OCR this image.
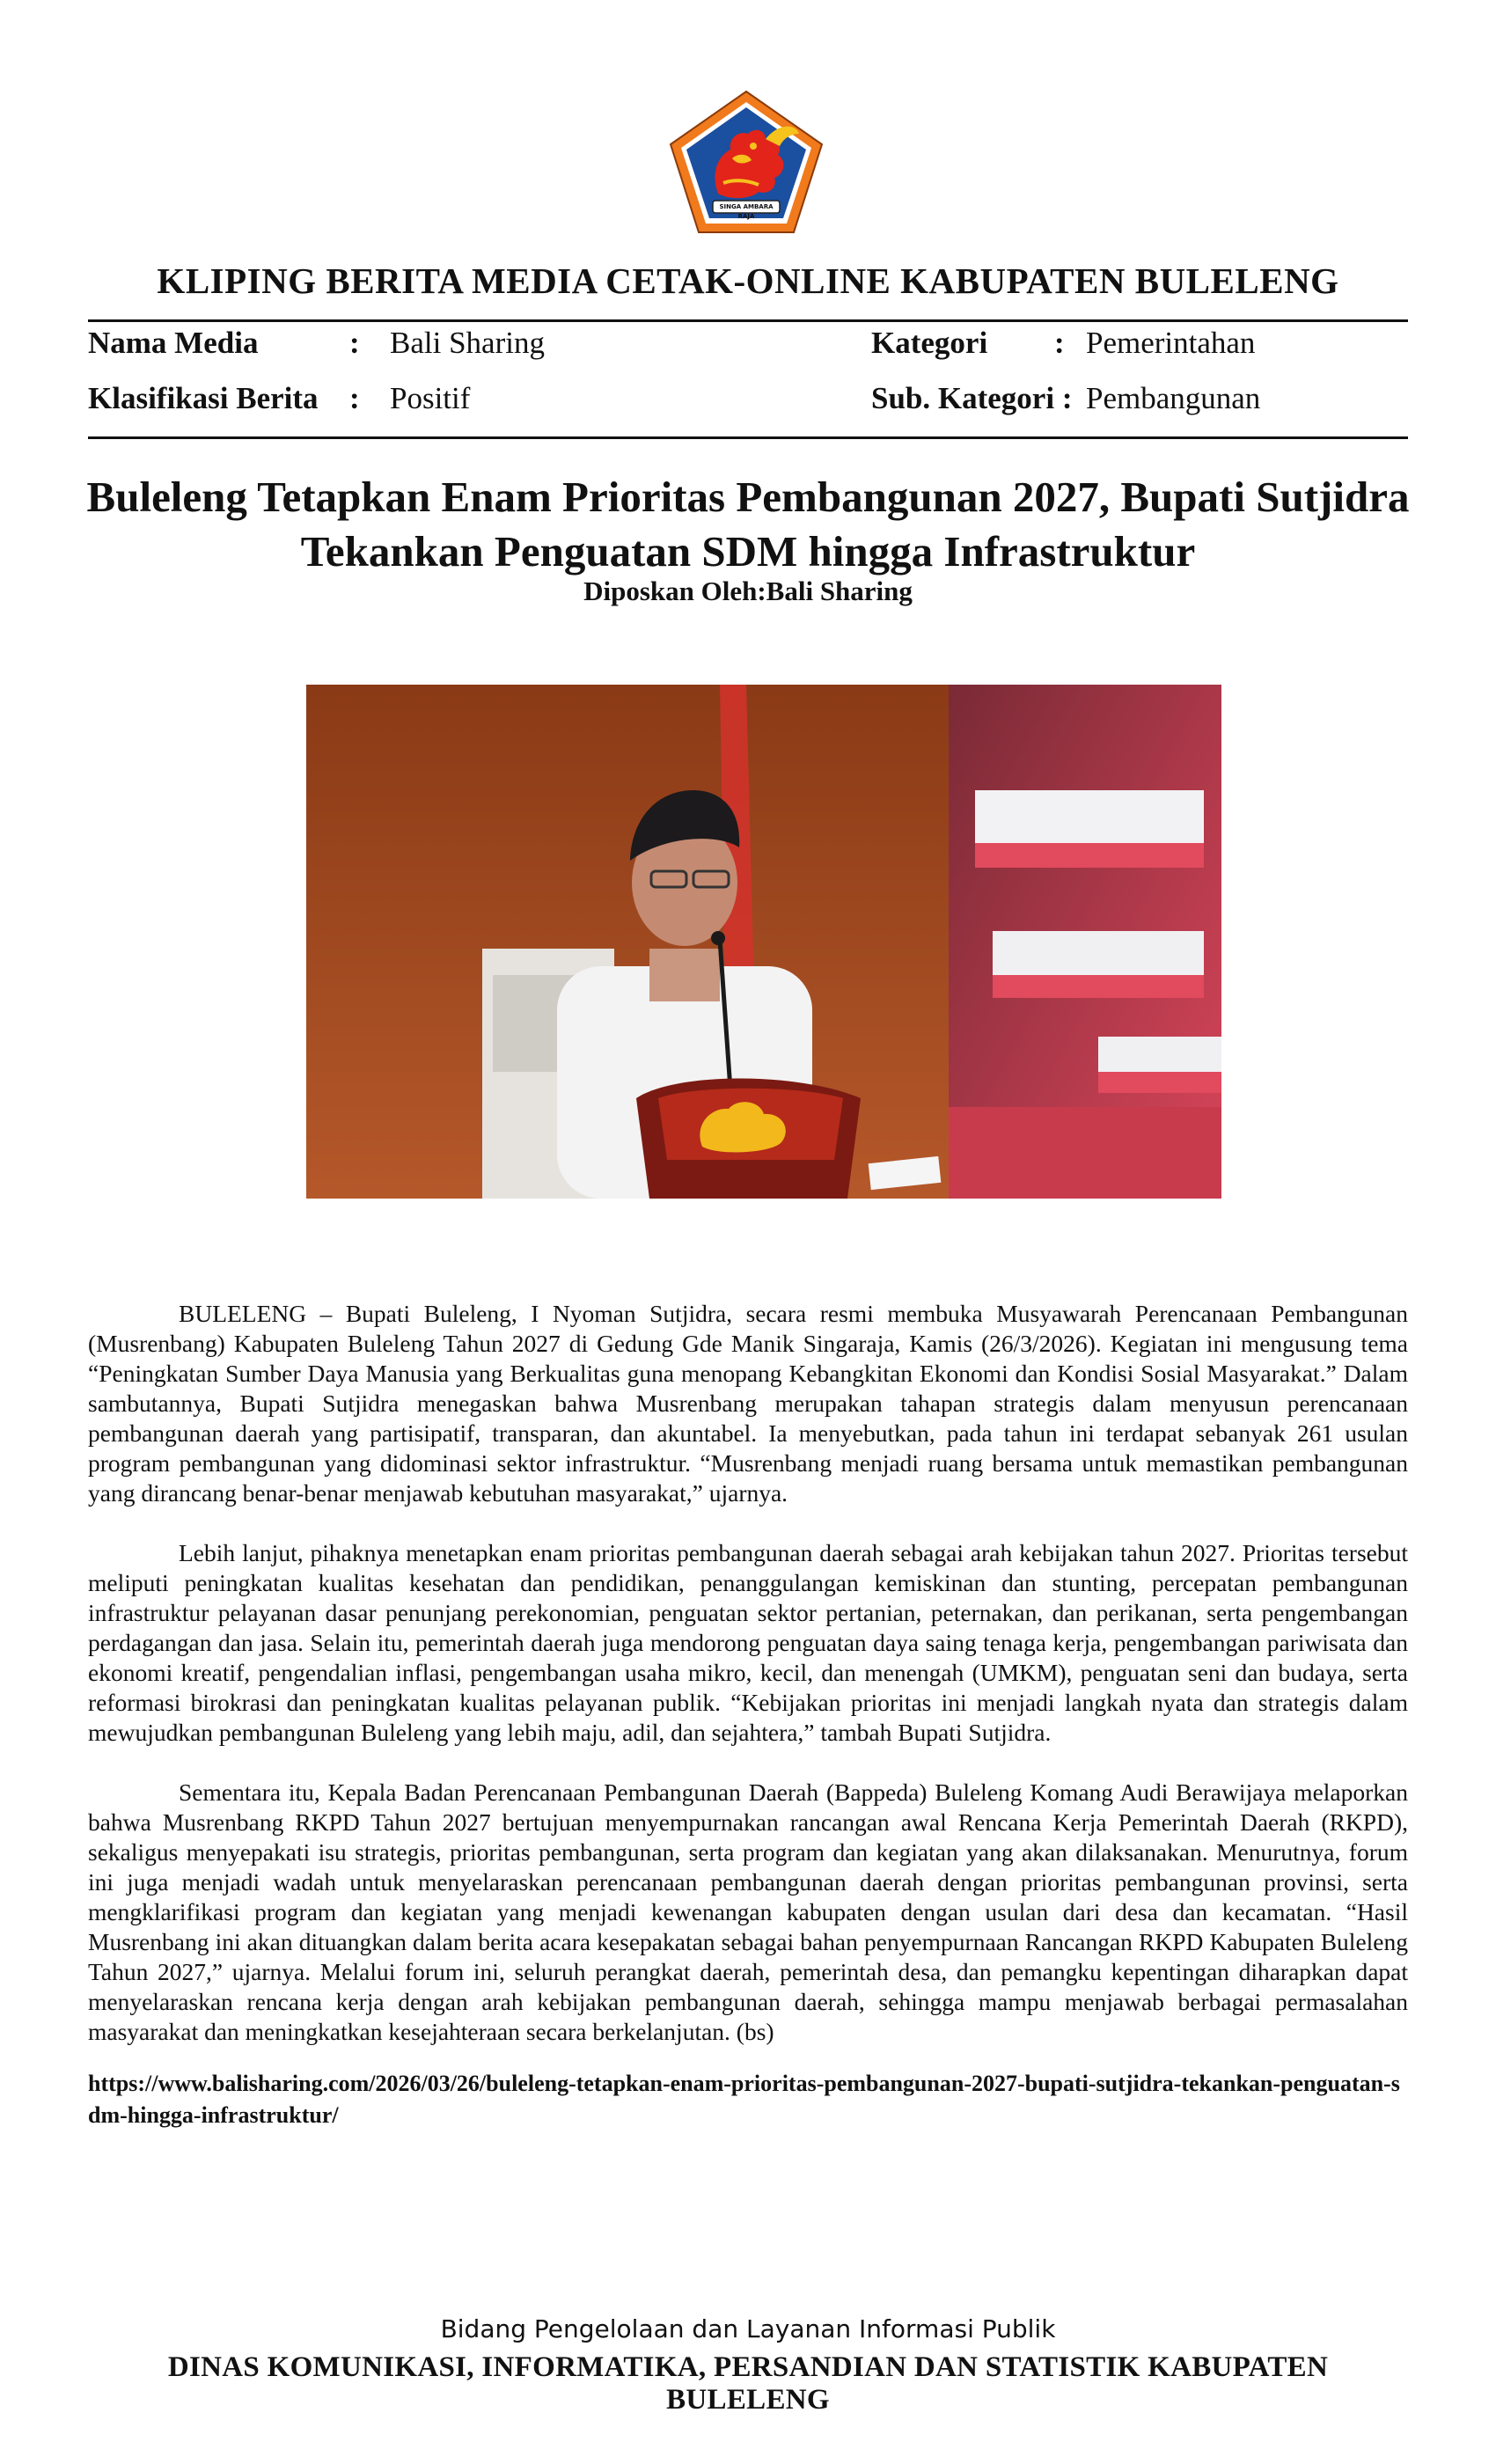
SINGA AMBARA RAJA
KLIPING BERITA MEDIA CETAK-ONLINE KABUPATEN BULELENG
Nama Media	: Bali Sharing	Kategori : Pemerintahan
Klasifikasi Berita : Positif	Sub. Kategori : Pembangunan
Buleleng Tetapkan Enam Prioritas Pembangunan 2027, Bupati Sutjidra Tekankan Penguatan SDM hingga Infrastruktur
Diposkan Oleh:Bali Sharing

BULELENG – Bupati Buleleng, I Nyoman Sutjidra, secara resmi membuka Musyawarah Perencanaan Pembangunan (Musrenbang) Kabupaten Buleleng Tahun 2027 di Gedung Gde Manik Singaraja, Kamis (26/3/2026). Kegiatan ini mengusung tema “Peningkatan Sumber Daya Manusia yang Berkualitas guna menopang Kebangkitan Ekonomi dan Kondisi Sosial Masyarakat.” Dalam sambutannya, Bupati Sutjidra menegaskan bahwa Musrenbang merupakan tahapan strategis dalam menyusun perencanaan pembangunan daerah yang partisipatif, transparan, dan akuntabel. Ia menyebutkan, pada tahun ini terdapat sebanyak 261 usulan program pembangunan yang didominasi sektor infrastruktur. “Musrenbang menjadi ruang bersama untuk memastikan pembangunan yang dirancang benar-benar menjawab kebutuhan masyarakat,” ujarnya.

Lebih lanjut, pihaknya menetapkan enam prioritas pembangunan daerah sebagai arah kebijakan tahun 2027. Prioritas tersebut meliputi peningkatan kualitas kesehatan dan pendidikan, penanggulangan kemiskinan dan stunting, percepatan pembangunan infrastruktur pelayanan dasar penunjang perekonomian, penguatan sektor pertanian, peternakan, dan perikanan, serta pengembangan perdagangan dan jasa. Selain itu, pemerintah daerah juga mendorong penguatan daya saing tenaga kerja, pengembangan pariwisata dan ekonomi kreatif, pengendalian inflasi, pengembangan usaha mikro, kecil, dan menengah (UMKM), penguatan seni dan budaya, serta reformasi birokrasi dan peningkatan kualitas pelayanan publik. “Kebijakan prioritas ini menjadi langkah nyata dan strategis dalam mewujudkan pembangunan Buleleng yang lebih maju, adil, dan sejahtera,” tambah Bupati Sutjidra.

Sementara itu, Kepala Badan Perencanaan Pembangunan Daerah (Bappeda) Buleleng Komang Audi Berawijaya melaporkan bahwa Musrenbang RKPD Tahun 2027 bertujuan menyempurnakan rancangan awal Rencana Kerja Pemerintah Daerah (RKPD), sekaligus menyepakati isu strategis, prioritas pembangunan, serta program dan kegiatan yang akan dilaksanakan. Menurutnya, forum ini juga menjadi wadah untuk menyelaraskan perencanaan pembangunan daerah dengan prioritas pembangunan provinsi, serta mengklarifikasi program dan kegiatan yang menjadi kewenangan kabupaten dengan usulan dari desa dan kecamatan. “Hasil Musrenbang ini akan dituangkan dalam berita acara kesepakatan sebagai bahan penyempurnaan Rancangan RKPD Kabupaten Buleleng Tahun 2027,” ujarnya. Melalui forum ini, seluruh perangkat daerah, pemerintah desa, dan pemangku kepentingan diharapkan dapat menyelaraskan rencana kerja dengan arah kebijakan pembangunan daerah, sehingga mampu menjawab berbagai permasalahan masyarakat dan meningkatkan kesejahteraan secara berkelanjutan. (bs)

https://www.balisharing.com/2026/03/26/buleleng-tetapkan-enam-prioritas-pembangunan-2027-bupati-sutjidra-tekankan-penguatan-sdm-hingga-infrastruktur/
Bidang Pengelolaan dan Layanan Informasi Publik
DINAS KOMUNIKASI, INFORMATIKA, PERSANDIAN DAN STATISTIK KABUPATEN BULELENG
